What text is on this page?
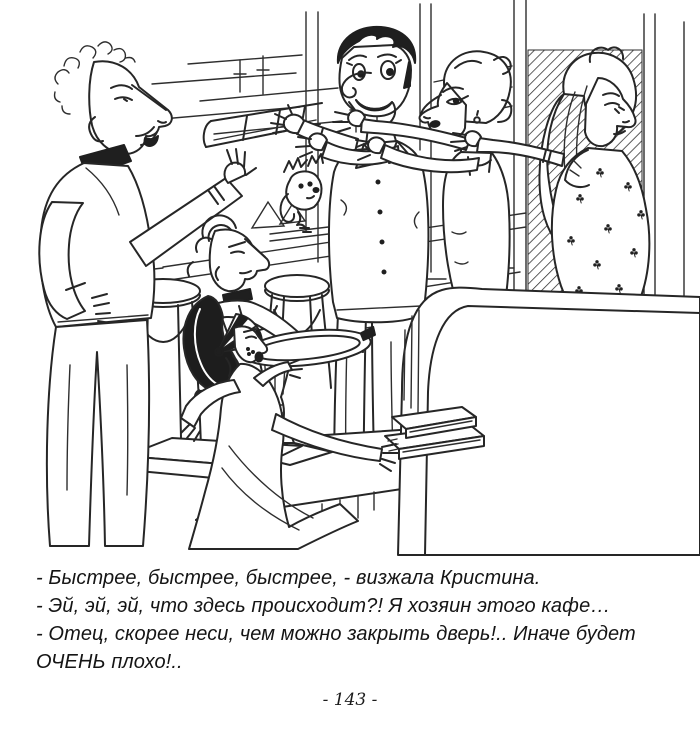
- Быстрее, быстрее, быстрее, - визжала Кристина.
- Эй, эй, эй, что здесь происходит?! Я хозяин этого кафе…
- Отец, скорее неси, чем можно закрыть дверь!.. Иначе будет
ОЧЕНЬ плохо!..
- 143 -
